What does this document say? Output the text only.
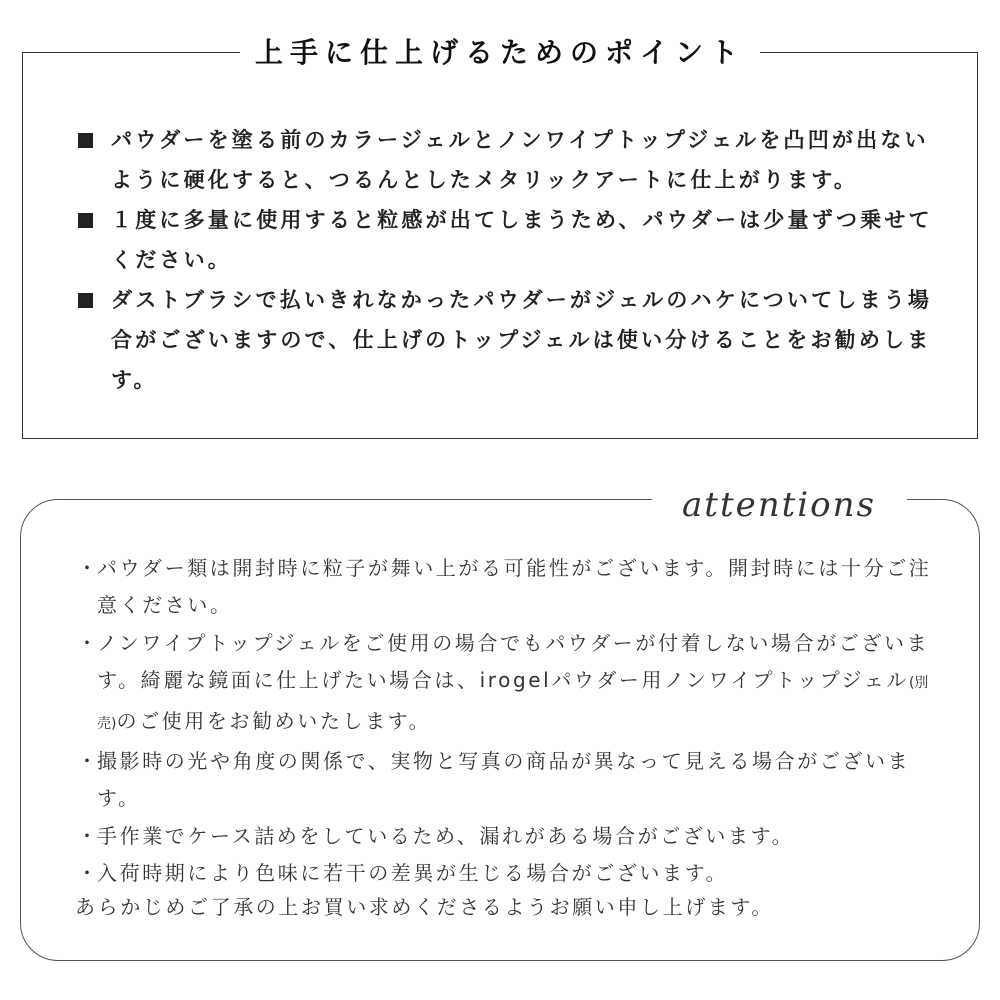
上手に仕上げるためのポイント
パウダーを塗る前のカラージェルとノンワイプトップジェルを凸凹が出ないように硬化すると、つるんとしたメタリックアートに仕上がります。
１度に多量に使用すると粒感が出てしまうため、パウダーは少量ずつ乗せてください。
ダストブラシで払いきれなかったパウダーがジェルのハケについてしまう場合がございますので、仕上げのトップジェルは使い分けることをお勧めします。
attentions
・
パウダー類は開封時に粒子が舞い上がる可能性がございます。開封時には十分ご注意ください。
・
ノンワイプトップジェルをご使用の場合でもパウダーが付着しない場合がございます。綺麗な鏡面に仕上げたい場合は、irogelパウダー用ノンワイプトップジェル(別売)のご使用をお勧めいたします。
・
撮影時の光や角度の関係で、実物と写真の商品が異なって見える場合がございます。
・
手作業でケース詰めをしているため、漏れがある場合がございます。
・
入荷時期により色味に若干の差異が生じる場合がございます。

あらかじめご了承の上お買い求めくださるようお願い申し上げます。
